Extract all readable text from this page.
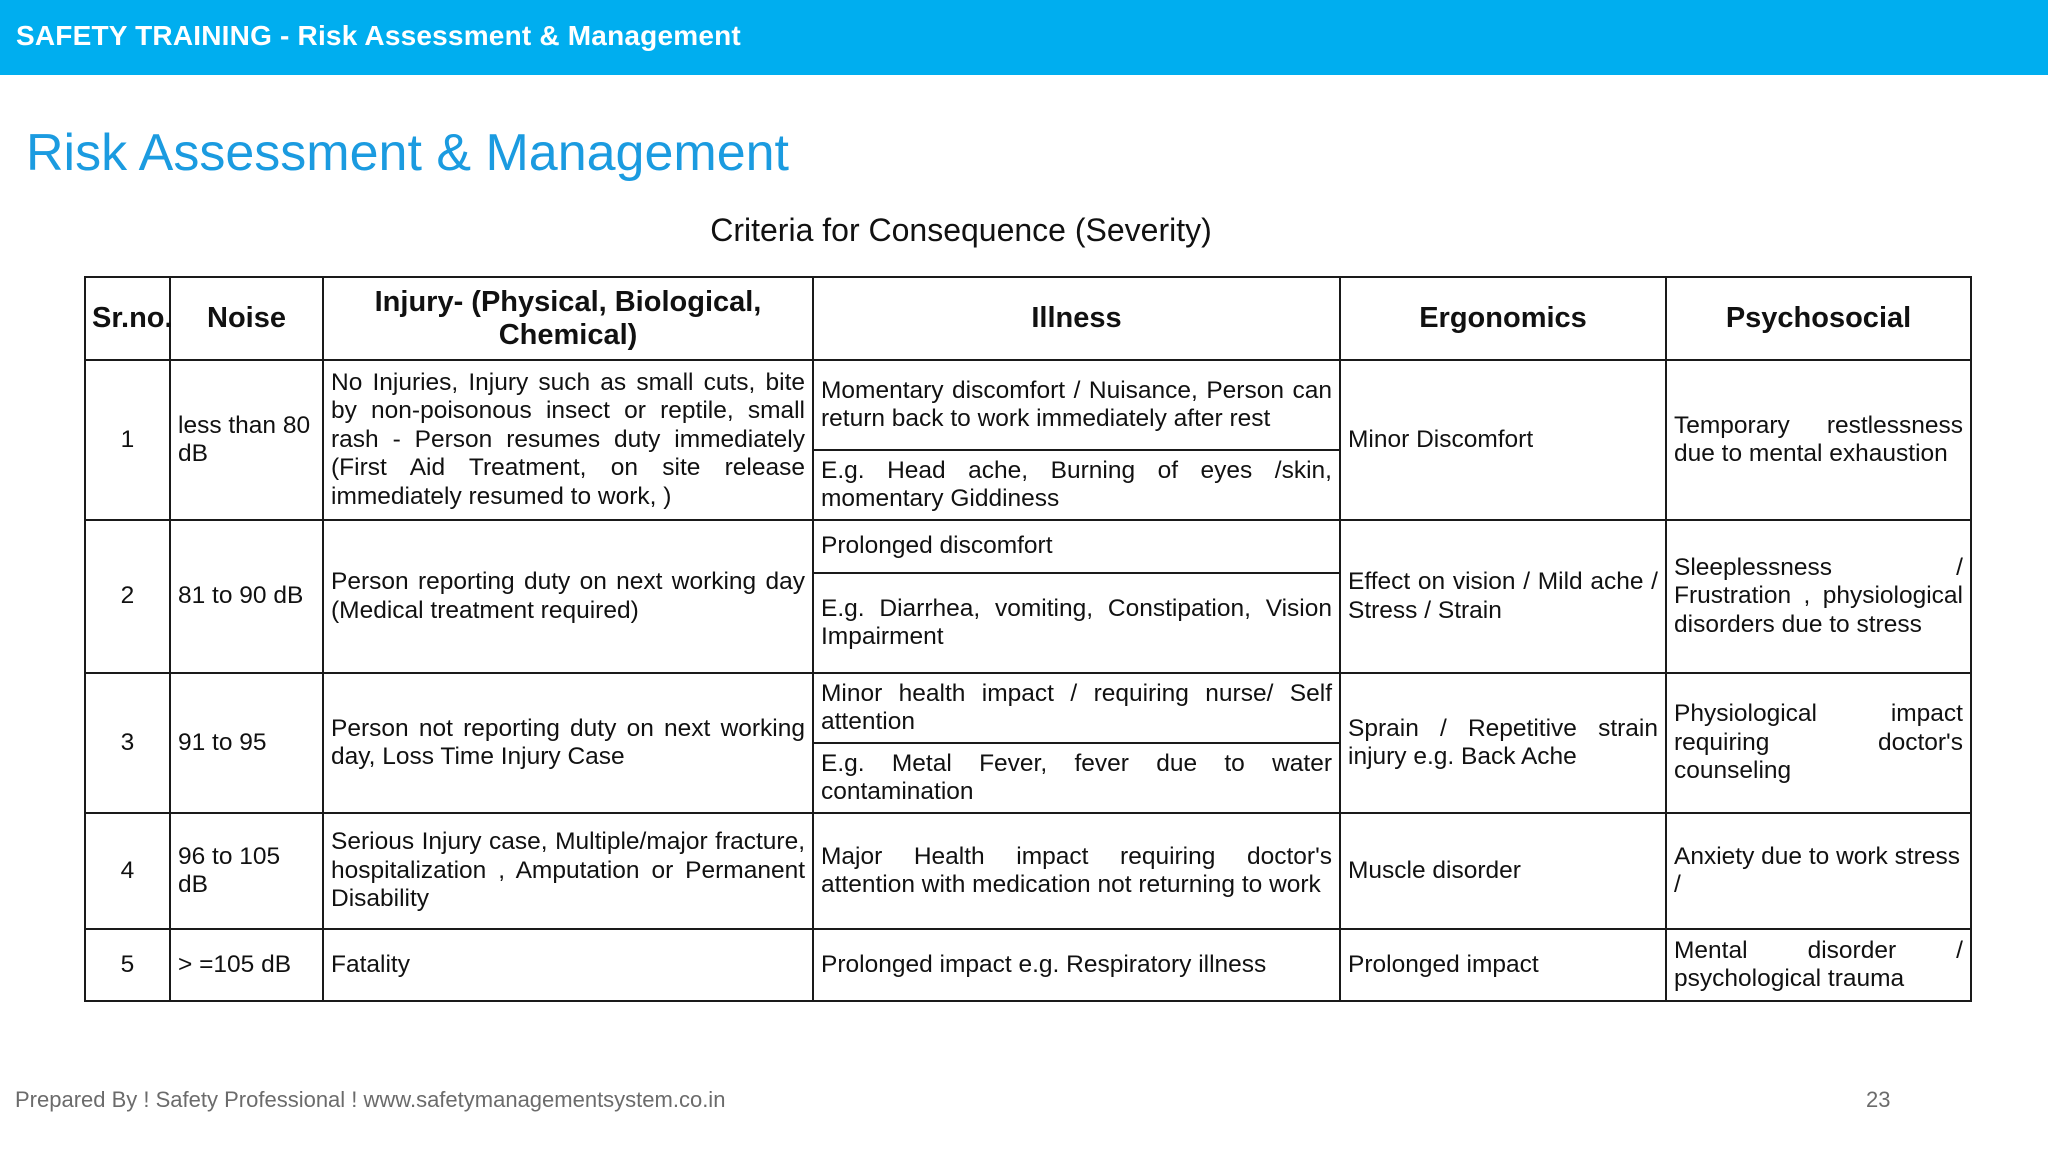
SAFETY TRAINING - Risk Assessment & Management
Risk Assessment & Management
Criteria for Consequence (Severity)
Sr.no.	Noise	Injury- (Physical, Biological, Chemical)	Illness	Ergonomics	Psychosocial
1	less than 80 dB	No Injuries, Injury such as small cuts, bite by non-poisonous insect or reptile, small rash - Person resumes duty immediately (First Aid Treatment, on site release immediately resumed to work, )	Momentary discomfort / Nuisance, Person can return back to work immediately after rest	Minor Discomfort	Temporary restlessness due to mental exhaustion
			E.g. Head ache, Burning of eyes /skin, momentary Giddiness		
2	81 to 90 dB	Person reporting duty on next working day (Medical treatment required)	Prolonged discomfort	Effect on vision / Mild ache / Stress / Strain	Sleeplessness / Frustration , physiological disorders due to stress
			E.g. Diarrhea, vomiting, Constipation, Vision Impairment		
3	91 to 95	Person not reporting duty on next working day, Loss Time Injury Case	Minor health impact / requiring nurse/ Self attention	Sprain / Repetitive strain injury e.g. Back Ache	Physiological impact requiring doctor's counseling
			E.g. Metal Fever, fever due to water contamination		
4	96 to 105 dB	Serious Injury case, Multiple/major fracture, hospitalization , Amputation or Permanent Disability	Major Health impact requiring doctor's attention with medication not returning to work	Muscle disorder	Anxiety due to work stress /
5	> =105 dB	Fatality	Prolonged impact e.g. Respiratory illness	Prolonged impact	Mental disorder / psychological trauma
Prepared By ! Safety Professional ! www.safetymanagementsystem.co.in	23
